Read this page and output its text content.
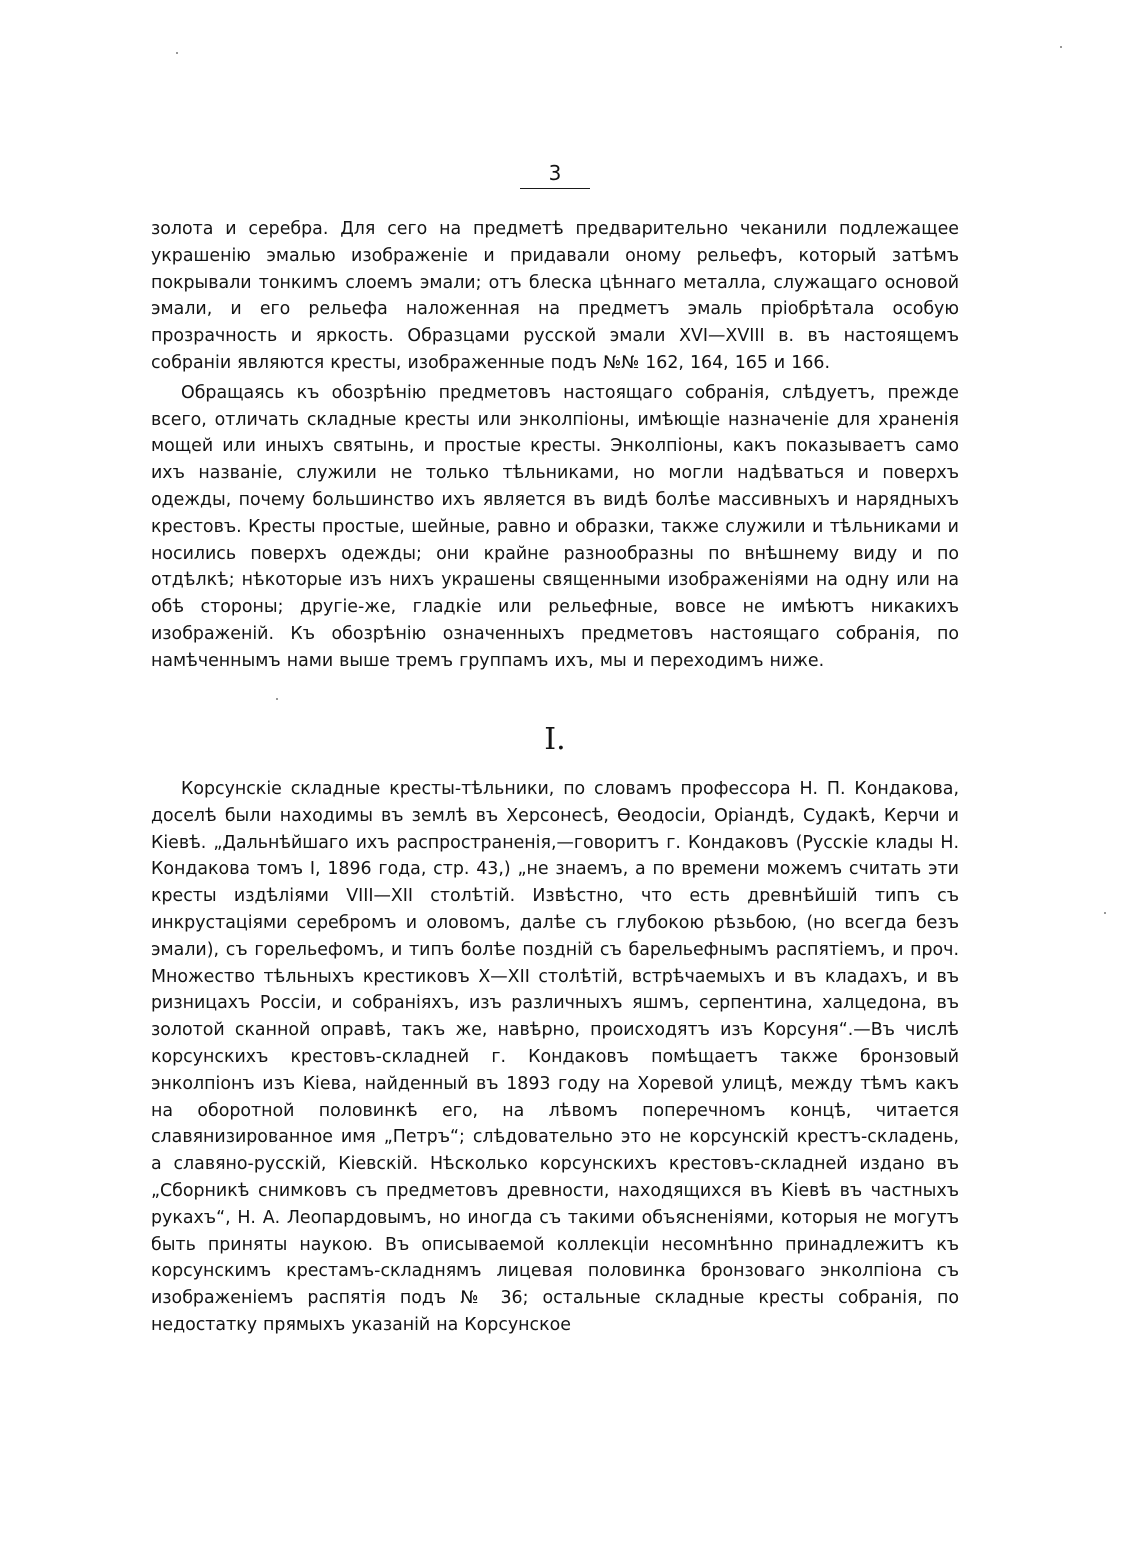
3

золота и серебра. Для сего на предметѣ предварительно чеканили подлежащее украшенію эмалью изображеніе и придавали оному рельефъ, который затѣмъ покрывали тонкимъ слоемъ эмали; отъ блеска цѣннаго металла, служащаго основой эмали, и его рельефа наложенная на предметъ эмаль пріобрѣтала особую прозрачность и яркость. Образцами русской эмали XVI—XVIII в. въ настоящемъ собраніи являются кресты, изображенные подъ №№ 162, 164, 165 и 166.

Обращаясь къ обозрѣнію предметовъ настоящаго собранія, слѣдуетъ, прежде всего, отличать складные кресты или энколпіоны, имѣющіе назначеніе для храненія мощей или иныхъ святынь, и простые кресты. Энколпіоны, какъ показываетъ само ихъ названіе, служили не только тѣльниками, но могли надѣваться и поверхъ одежды, почему большинство ихъ является въ видѣ болѣе массивныхъ и нарядныхъ крестовъ. Кресты простые, шейные, равно и образки, также служили и тѣльниками и носились поверхъ одежды; они крайне разнообразны по внѣшнему виду и по отдѣлкѣ; нѣкоторые изъ нихъ украшены священными изображеніями на одну или на обѣ стороны; другіе-же, гладкіе или рельефные, вовсе не имѣютъ никакихъ изображеній. Къ обозрѣнію означенныхъ предметовъ настоящаго собранія, по намѣченнымъ нами выше тремъ группамъ ихъ, мы и переходимъ ниже.

I.

Корсунскіе складные кресты-тѣльники, по словамъ профессора Н. П. Кондакова, доселѣ были находимы въ землѣ въ Херсонесѣ, Ѳеодосіи, Оріандѣ, Судакѣ, Керчи и Кіевѣ. „Дальнѣйшаго ихъ распространенія,—говоритъ г. Кондаковъ (Русскіе клады Н. Кондакова томъ I, 1896 года, стр. 43,) „не знаемъ, а по времени можемъ считать эти кресты издѣліями VIII—XII столѣтій. Извѣстно, что есть древнѣйшій типъ съ инкрустаціями серебромъ и оловомъ, далѣе съ глубокою рѣзьбою, (но всегда безъ эмали), съ горельефомъ, и типъ болѣе поздній съ барельефнымъ распятіемъ, и проч. Множество тѣльныхъ крестиковъ X—XII столѣтій, встрѣчаемыхъ и въ кладахъ, и въ ризницахъ Россіи, и собраніяхъ, изъ различныхъ яшмъ, серпентина, халцедона, въ золотой сканной оправѣ, такъ же, навѣрно, происходятъ изъ Корсуня“.—Въ числѣ корсунскихъ крестовъ-складней г. Кондаковъ помѣщаетъ также бронзовый энколпіонъ изъ Кіева, найденный въ 1893 году на Хоревой улицѣ, между тѣмъ какъ на оборотной половинкѣ его, на лѣвомъ поперечномъ концѣ, читается славянизированное имя „Петръ“; слѣдовательно это не корсунскій крестъ-складень, а славяно-русскій, Кіевскій. Нѣсколько корсунскихъ крестовъ-складней издано въ „Сборникѣ снимковъ съ предметовъ древности, находящихся въ Кіевѣ въ частныхъ рукахъ“, Н. А. Леопардовымъ, но иногда съ такими объясненіями, которыя не могутъ быть приняты наукою. Въ описываемой коллекціи несомнѣнно принадлежитъ къ корсунскимъ крестамъ-складнямъ лицевая половинка бронзоваго энколпіона съ изображеніемъ распятія подъ № 36; остальные складные кресты собранія, по недостатку прямыхъ указаній на Корсунское
